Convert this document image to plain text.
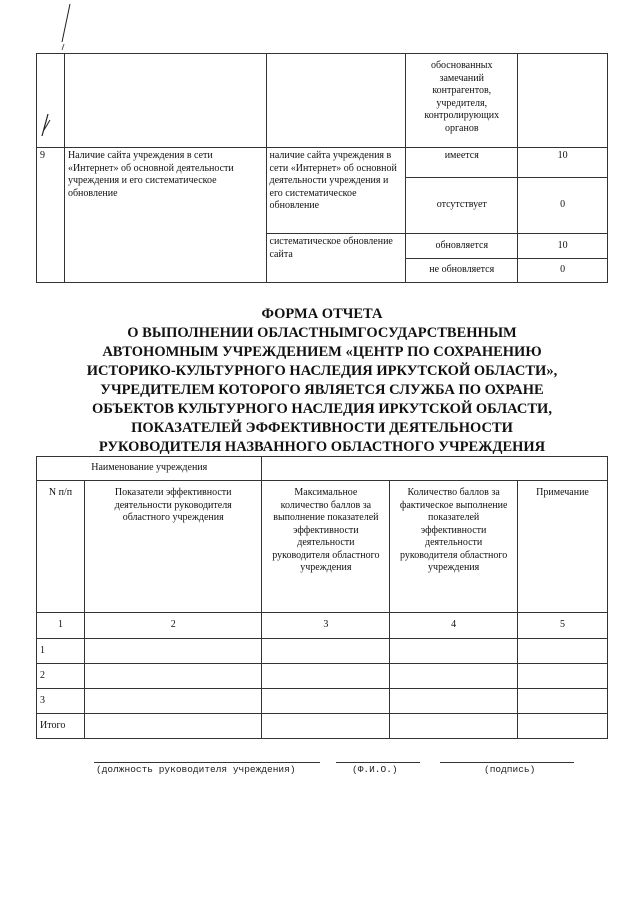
			обоснованных замечаний контрагентов, учредителя, контролирующих органов	
9	Наличие сайта учреждения в сети «Интернет» об основной деятельности учреждения и его систематическое обновление	наличие сайта учреждения в сети «Интернет» об основной деятельности учреждения и его систематическое обновление	имеется	10
			отсутствует	0
		систематическое обновление сайта	обновляется	10
			не обновляется	0
ФОРМА ОТЧЕТА
О ВЫПОЛНЕНИИ ОБЛАСТНЫМГОСУДАРСТВЕННЫМ
АВТОНОМНЫМ УЧРЕЖДЕНИЕМ «ЦЕНТР ПО СОХРАНЕНИЮ
ИСТОРИКО-КУЛЬТУРНОГО НАСЛЕДИЯ ИРКУТСКОЙ ОБЛАСТИ»,
УЧРЕДИТЕЛЕМ КОТОРОГО ЯВЛЯЕТСЯ СЛУЖБА ПО ОХРАНЕ
ОБЪЕКТОВ КУЛЬТУРНОГО НАСЛЕДИЯ ИРКУТСКОЙ ОБЛАСТИ,
ПОКАЗАТЕЛЕЙ ЭФФЕКТИВНОСТИ ДЕЯТЕЛЬНОСТИ
РУКОВОДИТЕЛЯ НАЗВАННОГО ОБЛАСТНОГО УЧРЕЖДЕНИЯ
Наименование учреждения				
N п/п	Показатели эффективности деятельности руководителя областного учреждения	Максимальное количество баллов за выполнение показателей эффективности деятельности руководителя областного учреждения	Количество баллов за фактическое выполнение показателей эффективности деятельности руководителя областного учреждения	Примечание
1	2	3	4	5
1				
2				
3				
Итого				
(должность руководителя учреждения)	(Ф.И.О.)	(подпись)
